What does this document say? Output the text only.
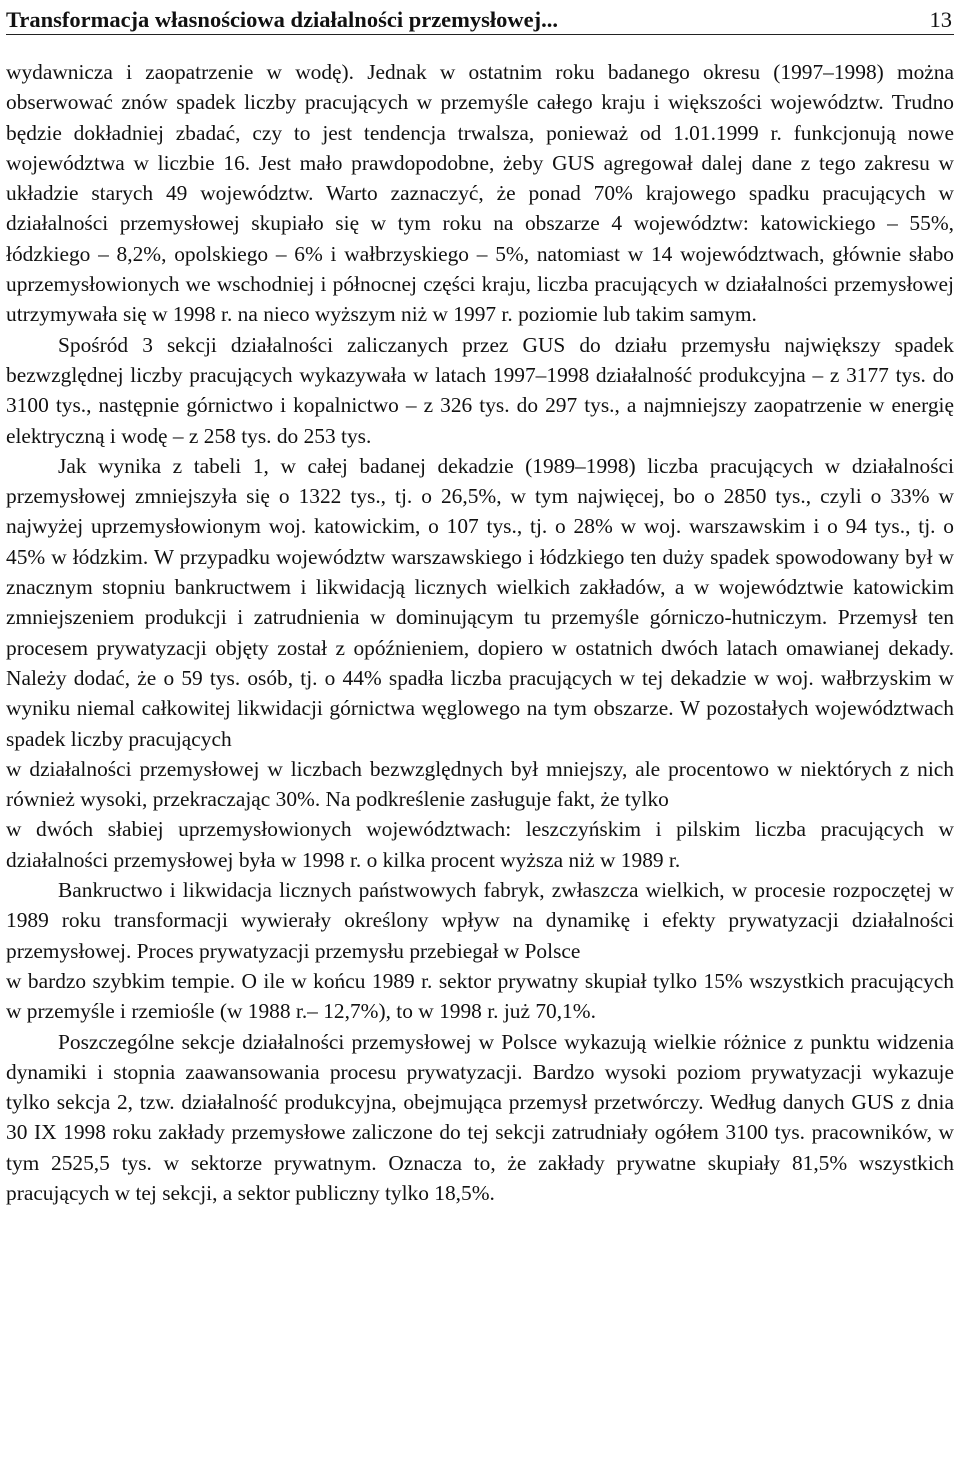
Transformacja własnościowa działalności przemysłowej...	13

wydawnicza i zaopatrzenie w wodę). Jednak w ostatnim roku badanego okresu (1997–1998) można obserwować znów spadek liczby pracujących w przemyśle całego kraju i większości województw. Trudno będzie dokładniej zbadać, czy to jest tendencja trwalsza, ponieważ od 1.01.1999 r. funkcjonują nowe województwa w liczbie 16. Jest mało prawdopodobne, żeby GUS agregował dalej dane z tego zakresu w układzie starych 49 województw. Warto zaznaczyć, że ponad 70% krajowego spadku pracujących w działalności przemysłowej skupiało się w tym roku na obszarze 4 województw: katowickiego – 55%, łódzkiego – 8,2%, opolskiego – 6% i wałbrzyskiego – 5%, natomiast w 14 województwach, głównie słabo uprzemysłowionych we wschodniej i północnej części kraju, liczba pracujących w działalności przemysłowej utrzymywała się w 1998 r. na nieco wyższym niż w 1997 r. poziomie lub takim samym.

Spośród 3 sekcji działalności zaliczanych przez GUS do działu przemysłu największy spadek bezwzględnej liczby pracujących wykazywała w latach 1997–1998 działalność produkcyjna – z 3177 tys. do 3100 tys., następnie górnictwo i kopalnictwo – z 326 tys. do 297 tys., a najmniejszy zaopatrzenie w energię elektryczną i wodę – z 258 tys. do 253 tys.

Jak wynika z tabeli 1, w całej badanej dekadzie (1989–1998) liczba pracujących w działalności przemysłowej zmniejszyła się o 1322 tys., tj. o 26,5%, w tym najwięcej, bo o 2850 tys., czyli o 33% w najwyżej uprzemysłowionym woj. katowickim, o 107 tys., tj. o 28% w woj. warszawskim i o 94 tys., tj. o 45% w łódzkim. W przypadku województw warszawskiego i łódzkiego ten duży spadek spowodowany był w znacznym stopniu bankructwem i likwidacją licznych wielkich zakładów, a w województwie katowickim zmniejszeniem produkcji i zatrudnienia w dominującym tu przemyśle górniczo-hutniczym. Przemysł ten procesem prywatyzacji objęty został z opóźnieniem, dopiero w ostatnich dwóch latach omawianej dekady. Należy dodać, że o 59 tys. osób, tj. o 44% spadła liczba pracujących w tej dekadzie w woj. wałbrzyskim w wyniku niemal całkowitej likwidacji górnictwa węglowego na tym obszarze. W pozostałych województwach spadek liczby pracujących

w działalności przemysłowej w liczbach bezwzględnych był mniejszy, ale procentowo w niektórych z nich również wysoki, przekraczając 30%. Na podkreślenie zasługuje fakt, że tylko

w dwóch słabiej uprzemysłowionych województwach: leszczyńskim i pilskim liczba pracujących w działalności przemysłowej była w 1998 r. o kilka procent wyższa niż w 1989 r.

Bankructwo i likwidacja licznych państwowych fabryk, zwłaszcza wielkich, w procesie rozpoczętej w 1989 roku transformacji wywierały określony wpływ na dynamikę i efekty prywatyzacji działalności przemysłowej. Proces prywatyzacji przemysłu przebiegał w Polsce

w bardzo szybkim tempie. O ile w końcu 1989 r. sektor prywatny skupiał tylko 15% wszystkich pracujących w przemyśle i rzemiośle (w 1988 r.– 12,7%), to w 1998 r. już 70,1%.

Poszczególne sekcje działalności przemysłowej w Polsce wykazują wielkie różnice z punktu widzenia dynamiki i stopnia zaawansowania procesu prywatyzacji. Bardzo wysoki poziom prywatyzacji wykazuje tylko sekcja 2, tzw. działalność produkcyjna, obejmująca przemysł przetwórczy. Według danych GUS z dnia 30 IX 1998 roku zakłady przemysłowe zaliczone do tej sekcji zatrudniały ogółem 3100 tys. pracowników, w tym 2525,5 tys. w sektorze prywatnym. Oznacza to, że zakłady prywatne skupiały 81,5% wszystkich pracujących w tej sekcji, a sektor publiczny tylko 18,5%.
